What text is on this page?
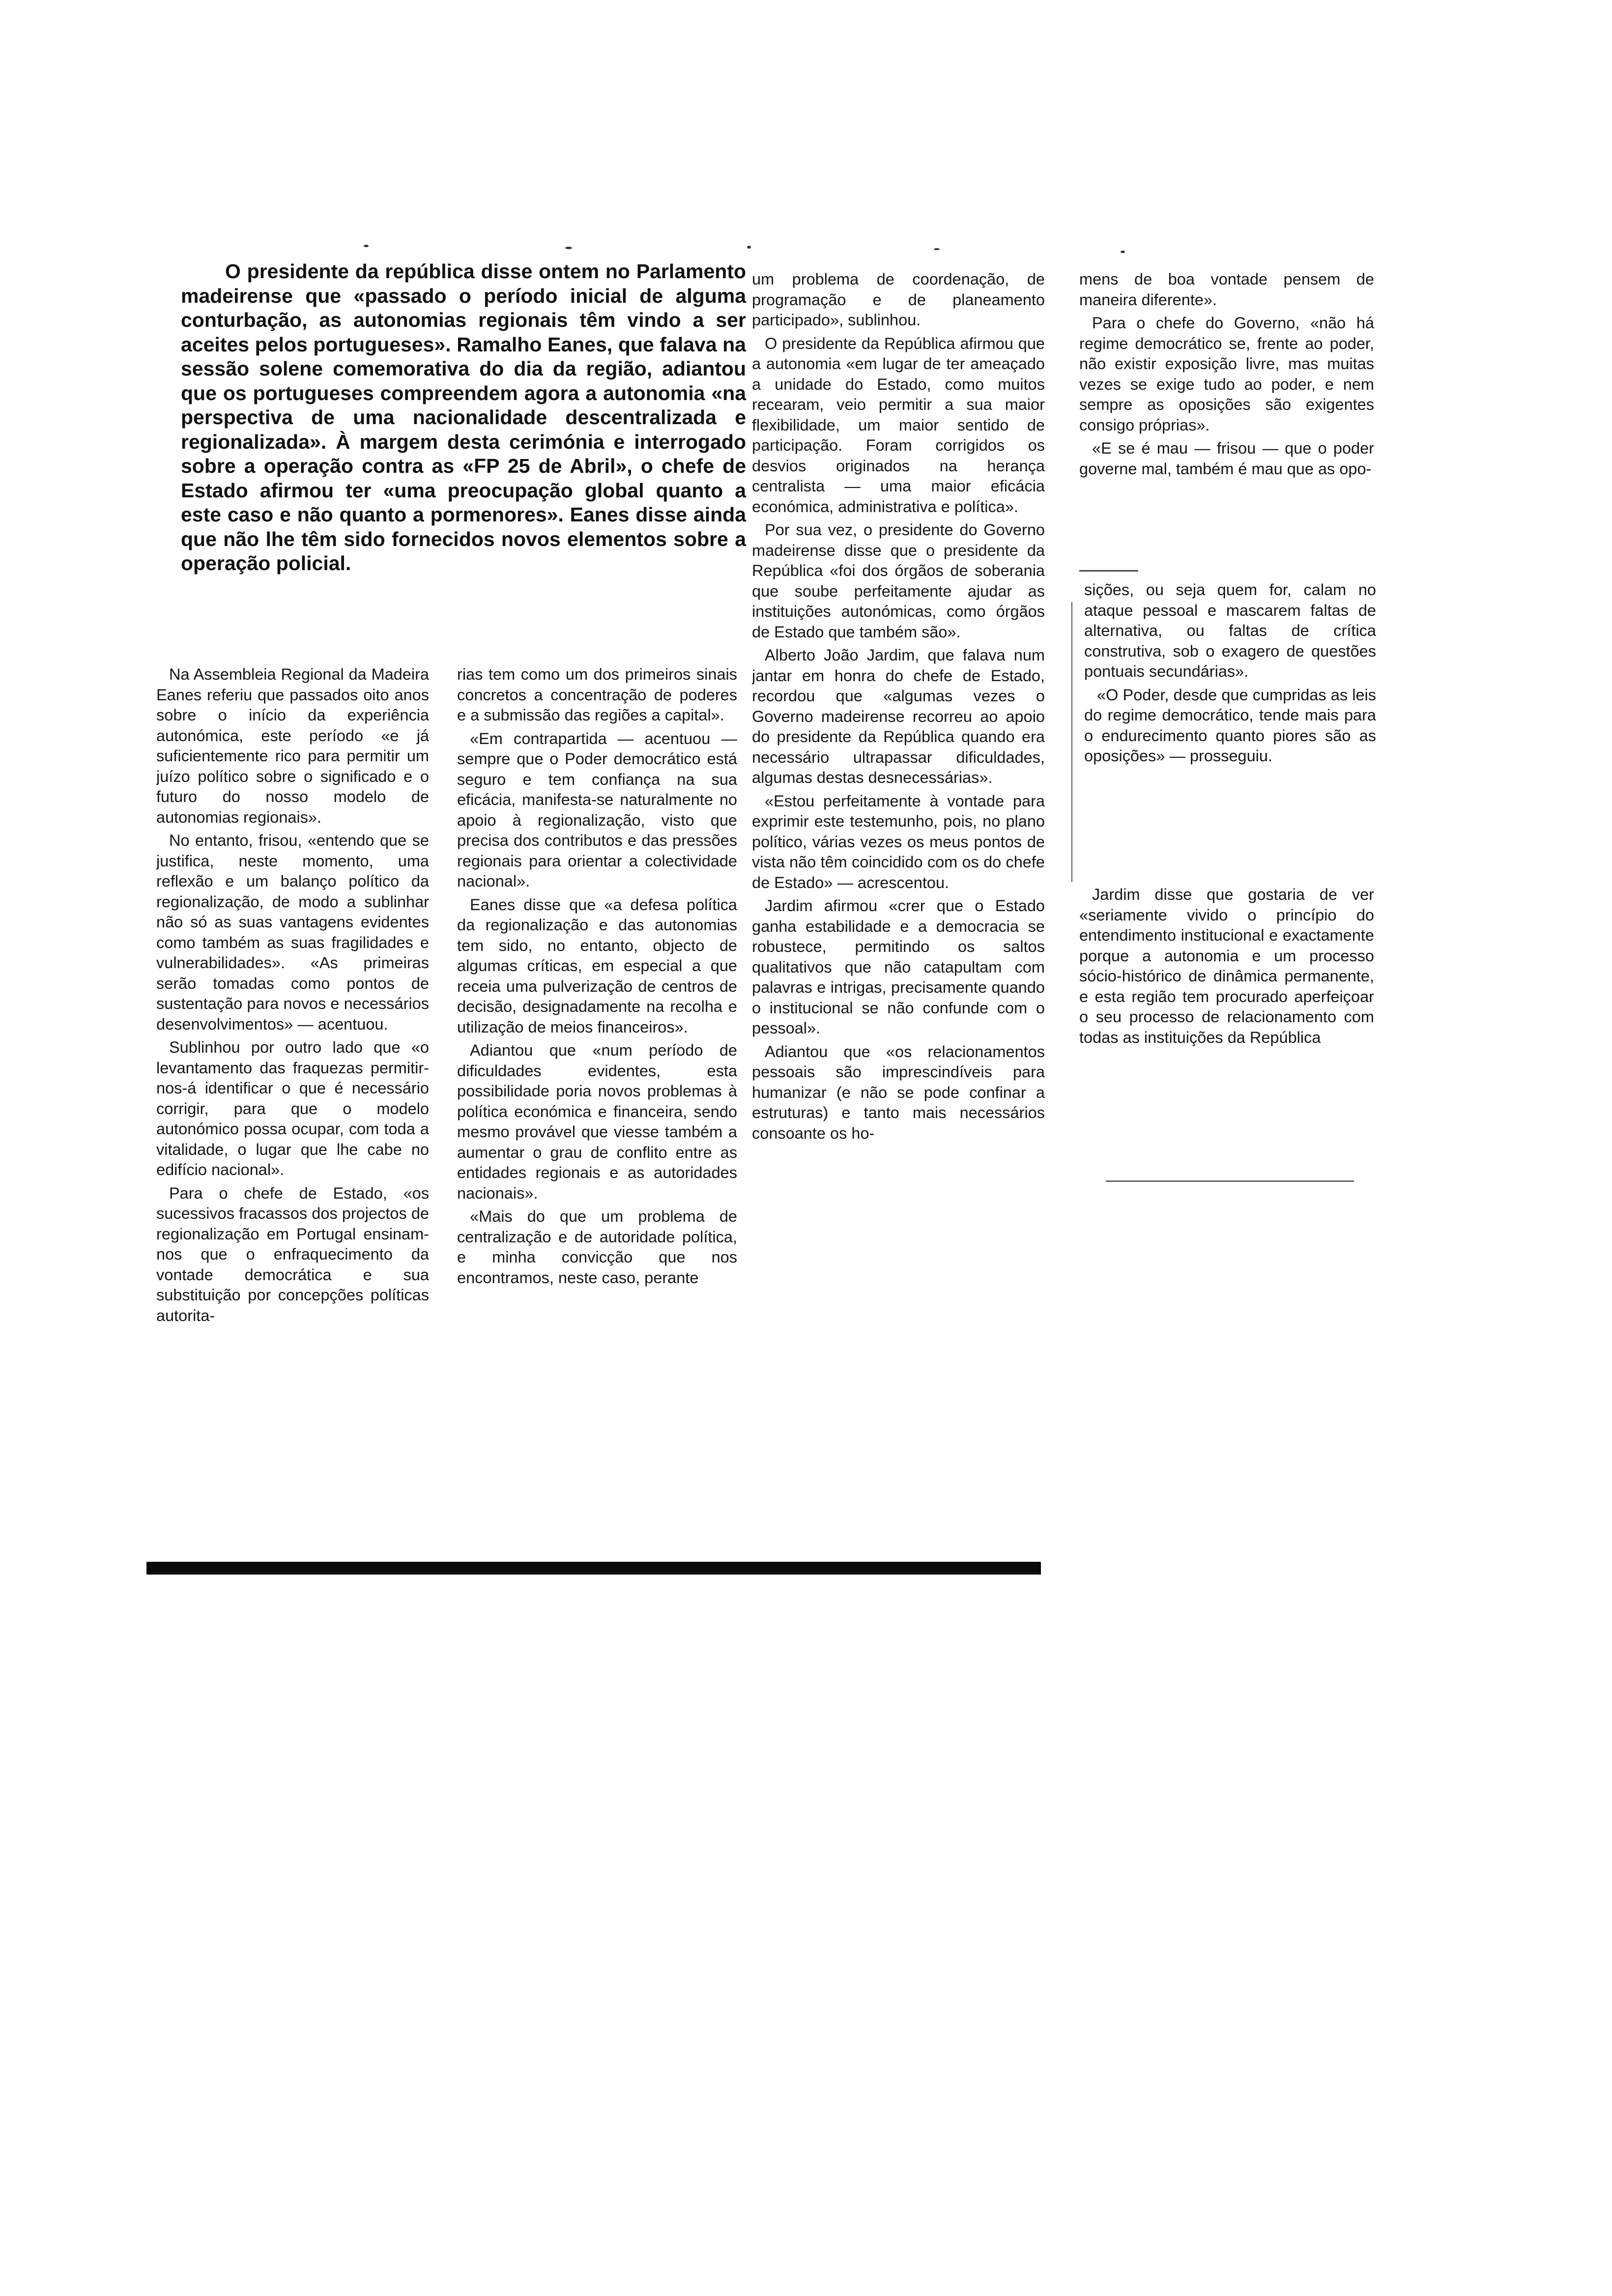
O presidente da república disse ontem no Parlamento madeirense que «passado o período inicial de alguma conturbação, as autonomias regionais têm vindo a ser aceites pelos portugueses». Ramalho Eanes, que falava na sessão solene comemorativa do dia da região, adiantou que os portugueses compreendem agora a autonomia «na perspectiva de uma nacionalidade descentralizada e regionalizada». À margem desta cerimónia e interrogado sobre a operação contra as «FP 25 de Abril», o chefe de Estado afirmou ter «uma preocupação global quanto a este caso e não quanto a pormenores». Eanes disse ainda que não lhe têm sido fornecidos novos elementos sobre a operação policial.

Na Assembleia Regional da Madeira Eanes referiu que passados oito anos sobre o início da experiência autonómica, este período «e já suficientemente rico para permitir um juízo político sobre o significado e o futuro do nosso modelo de autonomias regionais».

No entanto, frisou, «entendo que se justifica, neste momento, uma reflexão e um balanço político da regionalização, de modo a sublinhar não só as suas vantagens evidentes como também as suas fragilidades e vulnerabilidades». «As primeiras serão tomadas como pontos de sustentação para novos e necessários desenvolvimentos» — acentuou.

Sublinhou por outro lado que «o levantamento das fraquezas permitir-nos-á identificar o que é necessário corrigir, para que o modelo autonómico possa ocupar, com toda a vitalidade, o lugar que lhe cabe no edifício nacional».

Para o chefe de Estado, «os sucessivos fracassos dos projectos de regionalização em Portugal ensinam-nos que o enfraquecimento da vontade democrática e sua substituição por concepções políticas autorita-

rias tem como um dos primeiros sinais concretos a concentração de poderes e a submissão das regiões a capital».

«Em contrapartida — acentuou — sempre que o Poder democrático está seguro e tem confiança na sua eficácia, manifesta-se naturalmente no apoio à regionalização, visto que precisa dos contributos e das pressões regionais para orientar a colectividade nacional».

Eanes disse que «a defesa política da regionalização e das autonomias tem sido, no entanto, objecto de algumas críticas, em especial a que receia uma pulverização de centros de decisão, designadamente na recolha e utilização de meios financeiros».

Adiantou que «num período de dificuldades evidentes, esta possibilidade poria novos problemas à política económica e financeira, sendo mesmo provável que viesse também a aumentar o grau de conflito entre as entidades regionais e as autoridades nacionais».

«Mais do que um problema de centralização e de autoridade política, e minha convicção que nos encontramos, neste caso, perante

um problema de coordenação, de programação e de planeamento participado», sublinhou.

O presidente da República afirmou que a autonomia «em lugar de ter ameaçado a unidade do Estado, como muitos recearam, veio permitir a sua maior flexibilidade, um maior sentido de participação. Foram corrigidos os desvios originados na herança centralista — uma maior eficácia económica, administrativa e política».

Por sua vez, o presidente do Governo madeirense disse que o presidente da República «foi dos órgãos de soberania que soube perfeitamente ajudar as instituições autonómicas, como órgãos de Estado que também são».

Alberto João Jardim, que falava num jantar em honra do chefe de Estado, recordou que «algumas vezes o Governo madeirense recorreu ao apoio do presidente da República quando era necessário ultrapassar dificuldades, algumas destas desnecessárias».

«Estou perfeitamente à vontade para exprimir este testemunho, pois, no plano político, várias vezes os meus pontos de vista não têm coincidido com os do chefe de Estado» — acrescentou.

Jardim afirmou «crer que o Estado ganha estabilidade e a democracia se robustece, permitindo os saltos qualitativos que não catapultam com palavras e intrigas, precisamente quando o institucional se não confunde com o pessoal».

Adiantou que «os relacionamentos pessoais são imprescindíveis para humanizar (e não se pode confinar a estruturas) e tanto mais necessários consoante os ho-

mens de boa vontade pensem de maneira diferente».

Para o chefe do Governo, «não há regime democrático se, frente ao poder, não existir exposição livre, mas muitas vezes se exige tudo ao poder, e nem sempre as oposições são exigentes consigo próprias».

«E se é mau — frisou — que o poder governe mal, também é mau que as opo-

sições, ou seja quem for, calam no ataque pessoal e mascarem faltas de alternativa, ou faltas de crítica construtiva, sob o exagero de questões pontuais secundárias».

«O Poder, desde que cumpridas as leis do regime democrático, tende mais para o endurecimento quanto piores são as oposições» — prosseguiu.

Jardim disse que gostaria de ver «seriamente vivido o princípio do entendimento institucional e exactamente porque a autonomia e um processo sócio-histórico de dinâmica permanente, e esta região tem procurado aperfeiçoar o seu processo de relacionamento com todas as instituições da República
